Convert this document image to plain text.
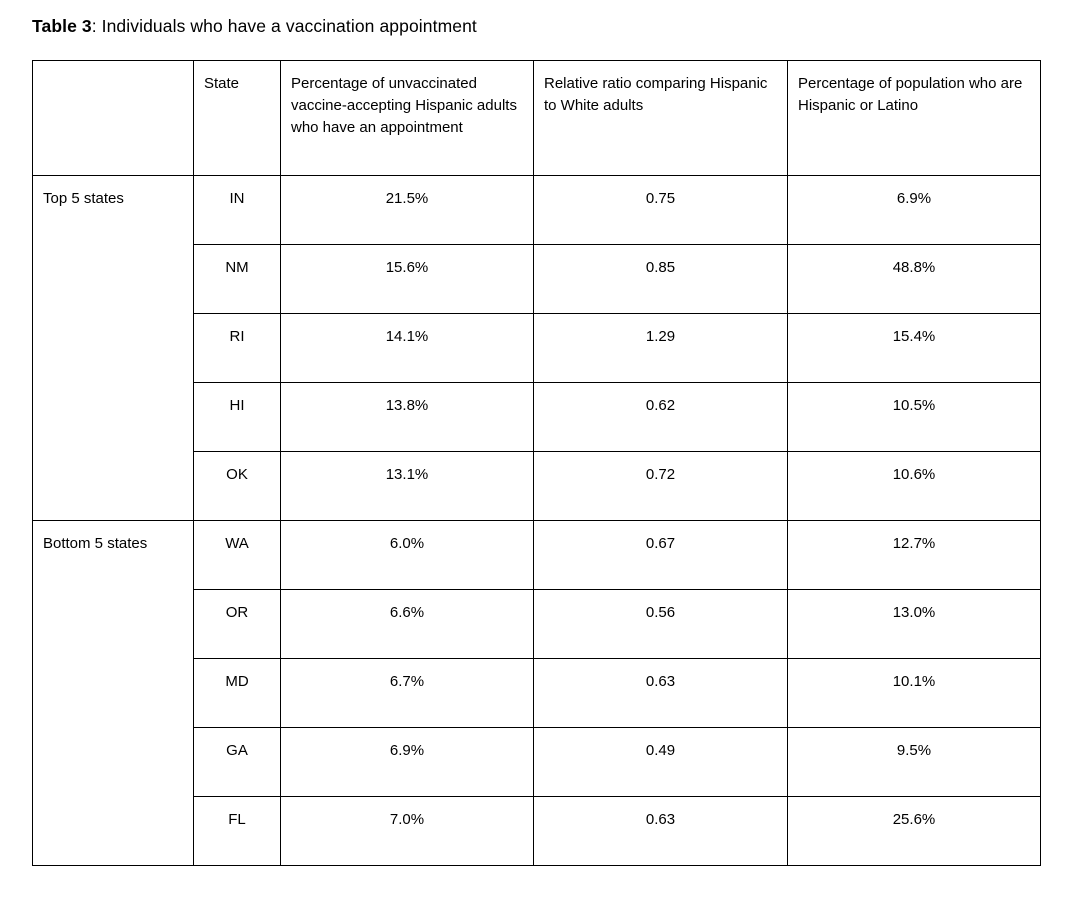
Table 3: Individuals who have a vaccination appointment

	State	Percentage of unvaccinated vaccine-accepting Hispanic adults who have an appointment	Relative ratio comparing Hispanic to White adults	Percentage of population who are Hispanic or Latino
Top 5 states	IN	21.5%	0.75	6.9%
	NM	15.6%	0.85	48.8%
	RI	14.1%	1.29	15.4%
	HI	13.8%	0.62	10.5%
	OK	13.1%	0.72	10.6%
Bottom 5 states	WA	6.0%	0.67	12.7%
	OR	6.6%	0.56	13.0%
	MD	6.7%	0.63	10.1%
	GA	6.9%	0.49	9.5%
	FL	7.0%	0.63	25.6%
